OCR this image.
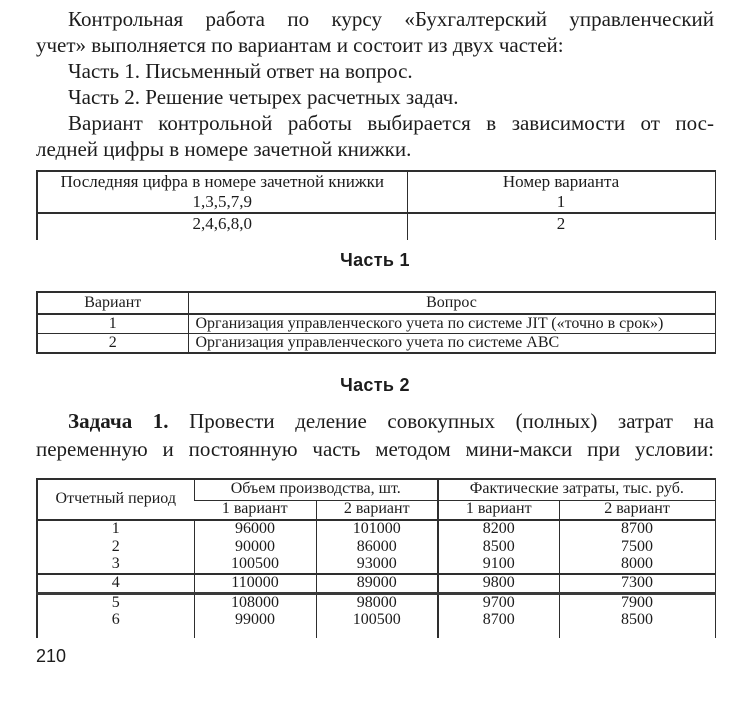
Контрольная работа по курсу «Бухгалтерский управленческий
учет» выполняется по вариантам и состоит из двух частей:
Часть 1. Письменный ответ на вопрос.
Часть 2. Решение четырех расчетных задач.
Вариант контрольной работы выбирается в зависимости от пос-
ледней цифры в номере зачетной книжки.
Последняя цифра в номере зачетной книжки	Номер варианта
1,3,5,7,9	1
2,4,6,8,0	2
Часть 1
Вариант	Вопрос
1	Организация управленческого учета по системе JIT («точно в срок»)
2	Организация управленческого учета по системе ABC
Часть 2
Задача 1. Провести деление совокупных (полных) затрат на
переменную и постоянную часть методом мини-макси при условии:
Отчетный период	Объем производства, шт.		Фактические затраты, тыс. руб.	
	1 вариант	2 вариант	1 вариант	2 вариант
1	96000	101000	8200	8700
2	90000	86000	8500	7500
3	100500	93000	9100	8000
4	110000	89000	9800	7300
5	108000	98000	9700	7900
6	99000	100500	8700	8500
210
